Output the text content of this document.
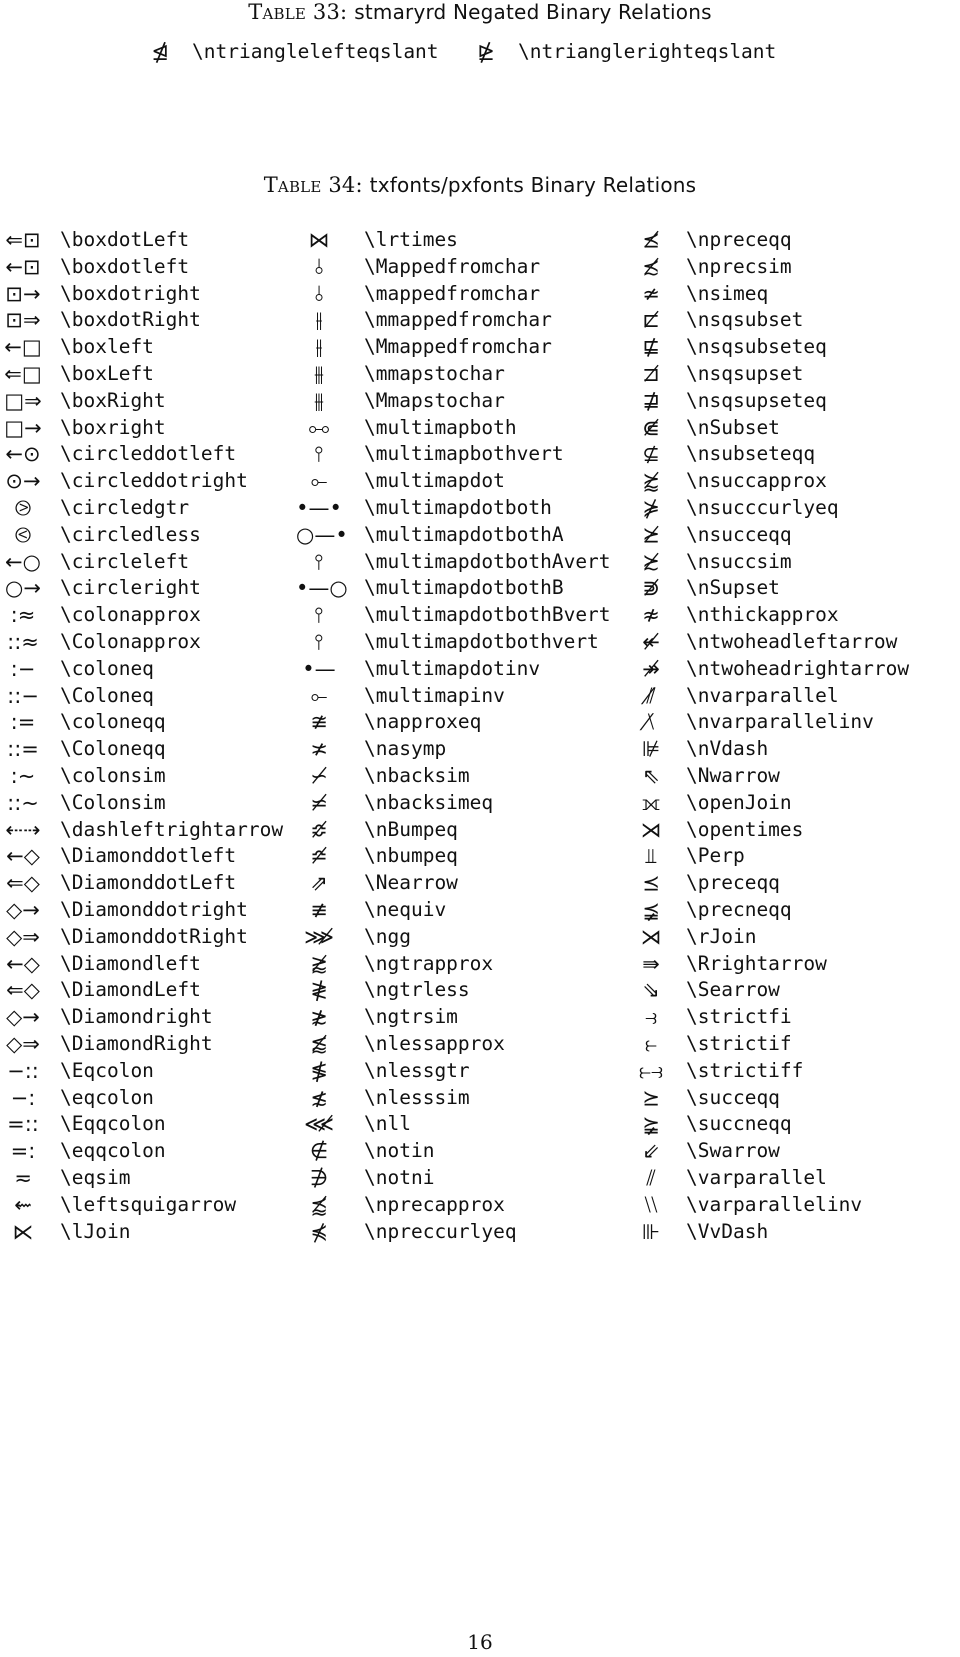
Table 33: stmaryrd Negated Binary Relations
⋬	\ntrianglelefteqslant	⋭	\ntrianglerighteqslant
Table 34: txfonts/pxfonts Binary Relations
⇐⊡ \boxdotLeft	⋈	\lrtimes	⪯̸	\npreceqq
←⊡ \boxdotleft	⫰	\Mappedfromchar	≾̸	\nprecsim
⊡→ \boxdotright	⫰	\mappedfromchar	≄	\nsimeq
⊡⇒ \boxdotRight	⫲	\mmappedfromchar	⊏̸	\nsqsubset
←□ \boxleft	⫲	\Mmappedfromchar	⋢	\nsqsubseteq
⇐□ \boxLeft	⫵	\mmapstochar	⊐̸	\nsqsupset
□⇒ \boxRight	⫵	\Mmapstochar	⋣	\nsqsupseteq
□→ \boxright	⧟	\multimapboth	⋐̸	\nSubset
←⊙ \circleddotleft	⫯	\multimapbothvert	⊈	\nsubseteqq
⊙→ \circleddotright	⟜	\multimapdot	⪸̸	\nsuccapprox
⧁	\circledgtr	•—• \multimapdotboth	⋡	\nsucccurlyeq
⧀	\circledless	○—• \multimapdotbothA	⪰̸	\nsucceqq
←○ \circleleft	⫯	\multimapdotbothAvert	≿̸	\nsuccsim
○→ \circleright	•—○ \multimapdotbothB	⋑̸	\nSupset
:≈	\colonapprox	⫯	\multimapdotbothBvert	≉	\nthickapprox
::≈	\Colonapprox	⫯	\multimapdotbothvert	↞̸	\ntwoheadleftarrow
:−	\coloneq	•—	\multimapdotinv	↠̸	\ntwoheadrightarrow
::−	\Coloneq	⟜	\multimapinv	⫽̸	\nvarparallel
:=	\coloneqq	≇	\napproxeq	⧵̸	\nvarparallelinv
::=	\Coloneqq	≭	\nasymp	⊯	\nVdash
:∼	\colonsim	∽̸	\nbacksim	⇖	\Nwarrow
::∼	\Colonsim	⋍̸	\nbacksimeq	⟗	\openJoin
⇠⇢ \dashleftrightarrow	≎̸	\nBumpeq	⋊	\opentimes
←◇	\Diamonddotleft	≏̸	\nbumpeq	⫫	\Perp
⇐◇	\DiamonddotLeft	⇗	\Nearrow	⪯	\preceqq
◇→	\Diamonddotright	≢	\nequiv	⪵	\precneqq
◇⇒	\DiamonddotRight	⋙̸	\ngg	⋊	\rJoin
←◇	\Diamondleft	⪆̸	\ngtrapprox	⇛	\Rrightarrow
⇐◇	\DiamondLeft	≹	\ngtrless	⇘	\Searrow
◇→	\Diamondright	≵	\ngtrsim	⥽	\strictfi
◇⇒	\DiamondRight	⪅̸	\nlessapprox	⥼	\strictif
−::	\Eqcolon	≸	\nlessgtr	⥼⥽	\strictiff
−:	\eqcolon	≴	\nlesssim	⪰	\succeqq
=::	\Eqqcolon	⋘̸	\nll	⪶	\succneqq
=:	\eqqcolon	∉	\notin	⇙	\Swarrow
≂	\eqsim	∌	\notni	⫽	\varparallel
⇜	\leftsquigarrow	⪷̸	\nprecapprox	⧵⧵	\varparallelinv
⋉	\lJoin	⋠	\npreccurlyeq	⊪	\VvDash
16
